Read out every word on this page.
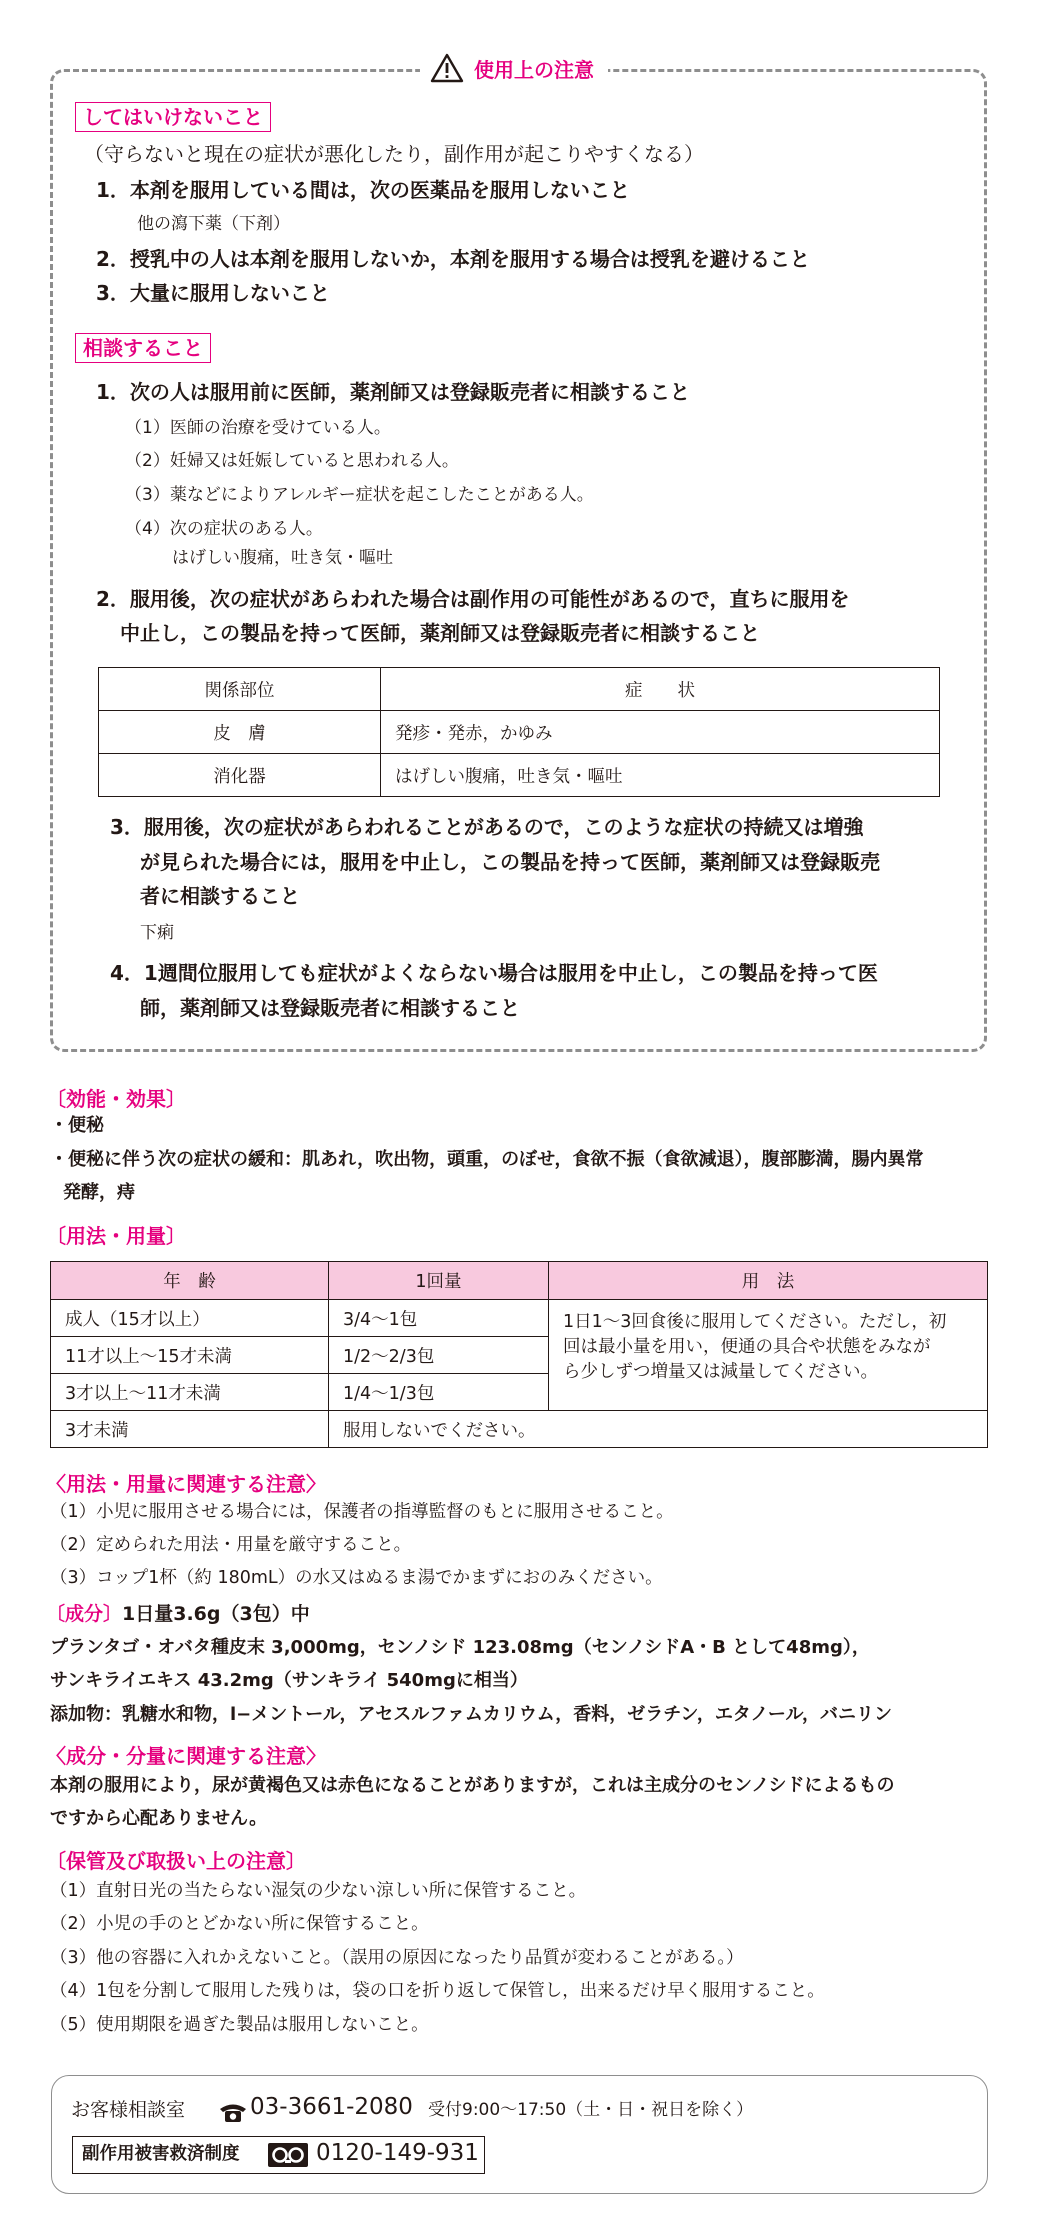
使用上の注意
してはいけないこと
（守らないと現在の症状が悪化したり，副作用が起こりやすくなる）
1．本剤を服用している間は，次の医薬品を服用しないこと
他の瀉下薬（下剤）
2．授乳中の人は本剤を服用しないか，本剤を服用する場合は授乳を避けること
3．大量に服用しないこと
相談すること
1．次の人は服用前に医師，薬剤師又は登録販売者に相談すること
（1）医師の治療を受けている人。
（2）妊婦又は妊娠していると思われる人。
（3）薬などによりアレルギー症状を起こしたことがある人。
（4）次の症状のある人。
はげしい腹痛，吐き気・嘔吐
2．服用後，次の症状があらわれた場合は副作用の可能性があるので，直ちに服用を
中止し，この製品を持って医師，薬剤師又は登録販売者に相談すること
関係部位	症　　状
皮　膚	発疹・発赤，かゆみ
消化器	はげしい腹痛，吐き気・嘔吐
3．服用後，次の症状があらわれることがあるので，このような症状の持続又は増強
が見られた場合には，服用を中止し，この製品を持って医師，薬剤師又は登録販売
者に相談すること
下痢
4．1週間位服用しても症状がよくならない場合は服用を中止し，この製品を持って医
師，薬剤師又は登録販売者に相談すること
〔効能・効果〕
・便秘
・便秘に伴う次の症状の緩和：肌あれ，吹出物，頭重，のぼせ，食欲不振（食欲減退），腹部膨満，腸内異常
発酵，痔
〔用法・用量〕
年　齢	1回量	用　法
成人（15才以上）	3/4〜1包	1日1〜3回食後に服用してください。ただし，初
回は最小量を用い，便通の具合や状態をみなが
ら少しずつ増量又は減量してください。

11才以上〜15才未満	1/2〜2/3包	
3才以上〜11才未満	1/4〜1/3包	
3才未満	服用しないでください。	
〈用法・用量に関連する注意〉
（1）小児に服用させる場合には，保護者の指導監督のもとに服用させること。
（2）定められた用法・用量を厳守すること。
（3）コップ1杯（約 180mL）の水又はぬるま湯でかまずにおのみください。
〔成分〕1日量3.6g（3包）中
プランタゴ・オバタ種皮末 3,000mg，センノシド 123.08mg（センノシドA・B として48mg），
サンキライエキス 43.2mg（サンキライ 540mgに相当）
添加物：乳糖水和物，l−メントール，アセスルファムカリウム，香料，ゼラチン，エタノール，バニリン
〈成分・分量に関連する注意〉
本剤の服用により，尿が黄褐色又は赤色になることがありますが，これは主成分のセンノシドによるもの
ですから心配ありません。
〔保管及び取扱い上の注意〕
（1）直射日光の当たらない湿気の少ない涼しい所に保管すること。
（2）小児の手のとどかない所に保管すること。
（3）他の容器に入れかえないこと。（誤用の原因になったり品質が変わることがある。）
（4）1包を分割して服用した残りは，袋の口を折り返して保管し，出来るだけ早く服用すること。
（5）使用期限を過ぎた製品は服用しないこと。
お客様相談室	03-3661-2080 受付9:00〜17:50（土・日・祝日を除く）
副作用被害救済制度	0120-149-931
